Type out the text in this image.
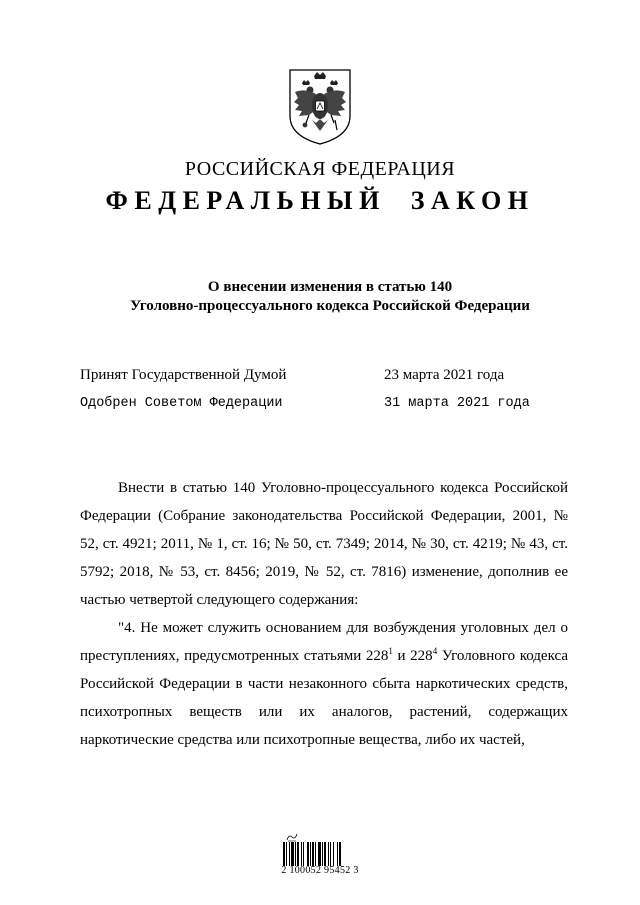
РОССИЙСКАЯ ФЕДЕРАЦИЯ
ФЕДЕРАЛЬНЫЙ ЗАКОН
О внесении изменения в статью 140
Уголовно-процессуального кодекса Российской Федерации
Принят Государственной Думой	23 марта 2021 года
Одобрен Советом Федерации	31 марта 2021 года

Внести в статью 140 Уголовно-процессуального кодекса Российской Федерации (Собрание законодательства Российской Федерации, 2001, № 52, ст. 4921; 2011, № 1, ст. 16; № 50, ст. 7349; 2014, № 30, ст. 4219; № 43, ст. 5792; 2018, № 53, ст. 8456; 2019, № 52, ст. 7816) изменение, дополнив ее частью четвертой следующего содержания:

"4. Не может служить основанием для возбуждения уголовных дел о преступлениях, предусмотренных статьями $228^1$ и $228^4$ Уголовного кодекса Российской Федерации в части незаконного сбыта наркотических средств, психотропных веществ или их аналогов, растений, содержащих наркотические средства или психотропные вещества, либо их частей,

2 100052 95452 3
